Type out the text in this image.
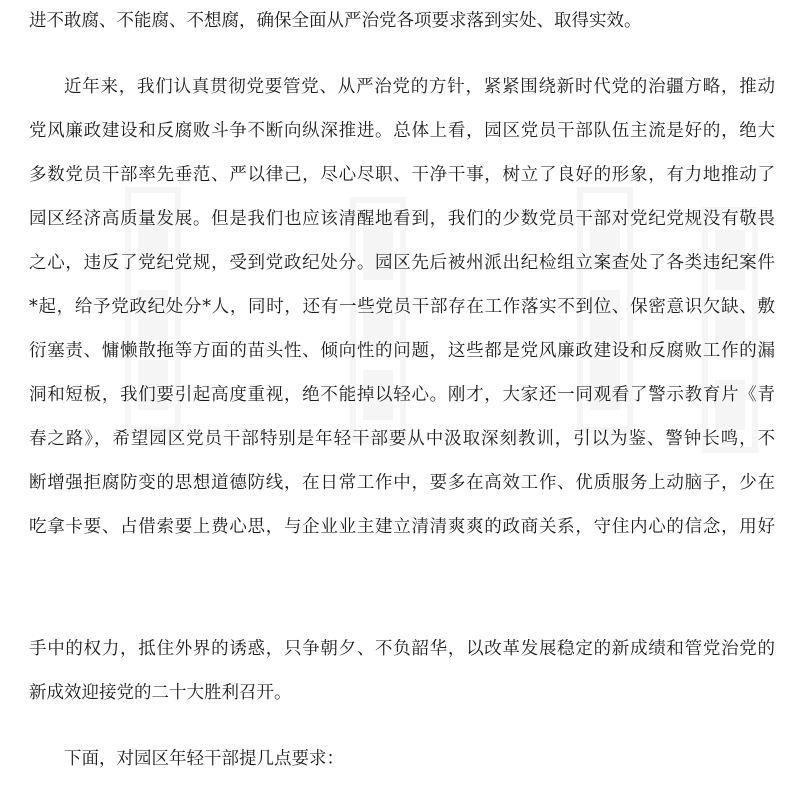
进不敢腐、不能腐、不想腐，确保全面从严治党各项要求落到实处、取得实效。
近年来，我们认真贯彻党要管党、从严治党的方针，紧紧围绕新时代党的治疆方略，推动
党风廉政建设和反腐败斗争不断向纵深推进。总体上看，园区党员干部队伍主流是好的，绝大
多数党员干部率先垂范、严以律己，尽心尽职、干净干事，树立了良好的形象，有力地推动了
园区经济高质量发展。但是我们也应该清醒地看到，我们的少数党员干部对党纪党规没有敬畏
之心，违反了党纪党规，受到党政纪处分。园区先后被州派出纪检组立案查处了各类违纪案件
*起，给予党政纪处分*人，同时，还有一些党员干部存在工作落实不到位、保密意识欠缺、敷
衍塞责、慵懒散拖等方面的苗头性、倾向性的问题，这些都是党风廉政建设和反腐败工作的漏
洞和短板，我们要引起高度重视，绝不能掉以轻心。刚才，大家还一同观看了警示教育片《青
春之路》，希望园区党员干部特别是年轻干部要从中汲取深刻教训，引以为鉴、警钟长鸣，不
断增强拒腐防变的思想道德防线，在日常工作中，要多在高效工作、优质服务上动脑子，少在
吃拿卡要、占借索要上费心思，与企业业主建立清清爽爽的政商关系，守住内心的信念，用好
手中的权力，抵住外界的诱惑，只争朝夕、不负韶华，以改革发展稳定的新成绩和管党治党的
新成效迎接党的二十大胜利召开。
下面，对园区年轻干部提几点要求：
